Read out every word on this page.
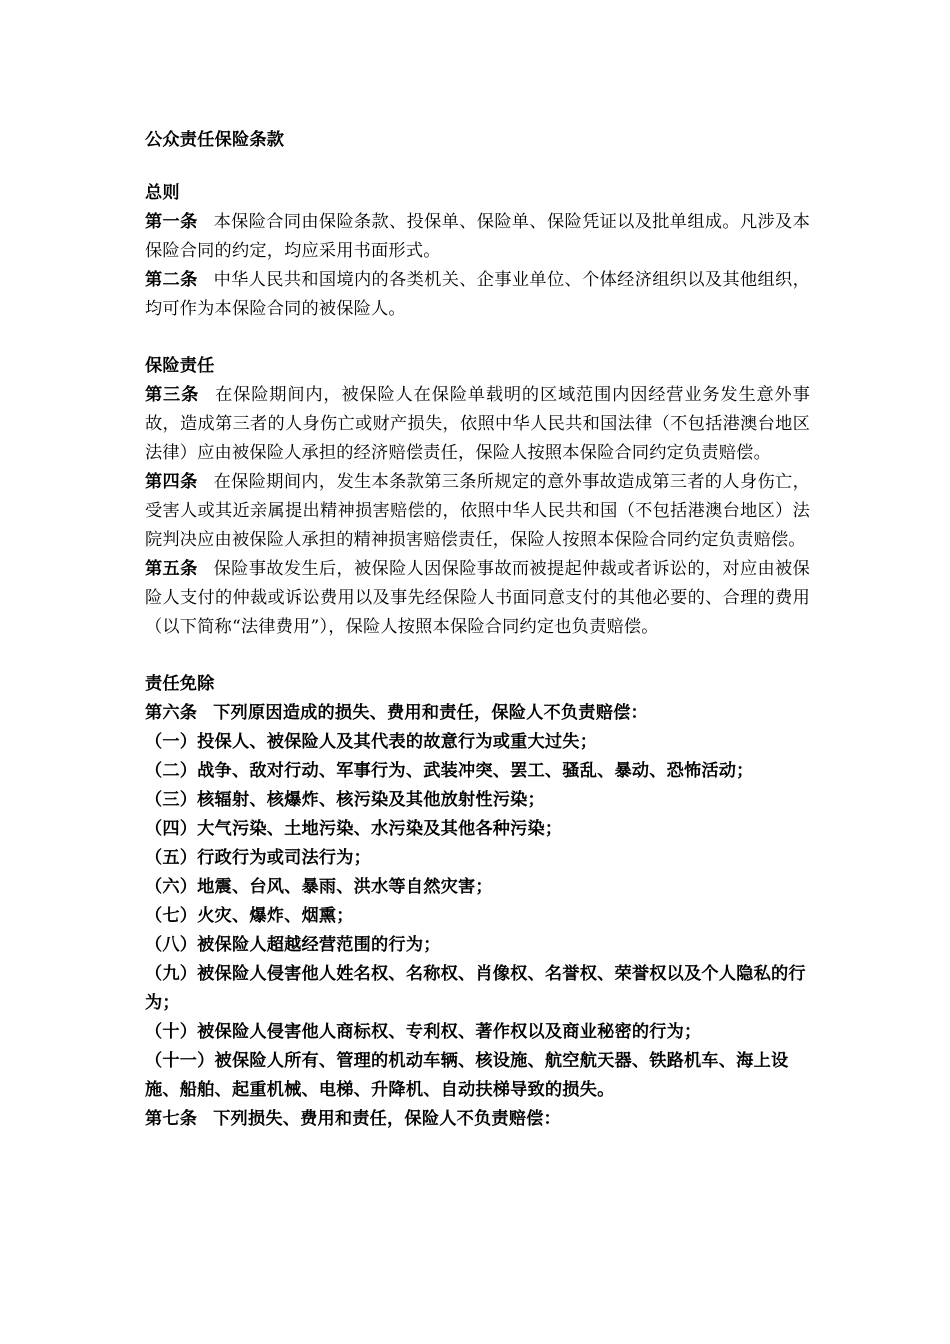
公众责任保险条款

总则

第一条 本保险合同由保险条款、投保单、保险单、保险凭证以及批单组成。凡涉及本保险合同的约定，均应采用书面形式。

第二条 中华人民共和国境内的各类机关、企事业单位、个体经济组织以及其他组织，均可作为本保险合同的被保险人。

保险责任

第三条 在保险期间内，被保险人在保险单载明的区域范围内因经营业务发生意外事故，造成第三者的人身伤亡或财产损失，依照中华人民共和国法律（不包括港澳台地区法律）应由被保险人承担的经济赔偿责任，保险人按照本保险合同约定负责赔偿。

第四条 在保险期间内，发生本条款第三条所规定的意外事故造成第三者的人身伤亡，受害人或其近亲属提出精神损害赔偿的，依照中华人民共和国（不包括港澳台地区）法院判决应由被保险人承担的精神损害赔偿责任，保险人按照本保险合同约定负责赔偿。

第五条 保险事故发生后，被保险人因保险事故而被提起仲裁或者诉讼的，对应由被保险人支付的仲裁或诉讼费用以及事先经保险人书面同意支付的其他必要的、合理的费用（以下简称“法律费用”），保险人按照本保险合同约定也负责赔偿。

责任免除

第六条 下列原因造成的损失、费用和责任，保险人不负责赔偿：

（一）投保人、被保险人及其代表的故意行为或重大过失；

（二）战争、敌对行动、军事行为、武装冲突、罢工、骚乱、暴动、恐怖活动；

（三）核辐射、核爆炸、核污染及其他放射性污染；

（四）大气污染、土地污染、水污染及其他各种污染；

（五）行政行为或司法行为；

（六）地震、台风、暴雨、洪水等自然灾害；

（七）火灾、爆炸、烟熏；

（八）被保险人超越经营范围的行为；

（九）被保险人侵害他人姓名权、名称权、肖像权、名誉权、荣誉权以及个人隐私的行为；

（十）被保险人侵害他人商标权、专利权、著作权以及商业秘密的行为；

（十一）被保险人所有、管理的机动车辆、核设施、航空航天器、铁路机车、海上设施、船舶、起重机械、电梯、升降机、自动扶梯导致的损失。

第七条 下列损失、费用和责任，保险人不负责赔偿：
